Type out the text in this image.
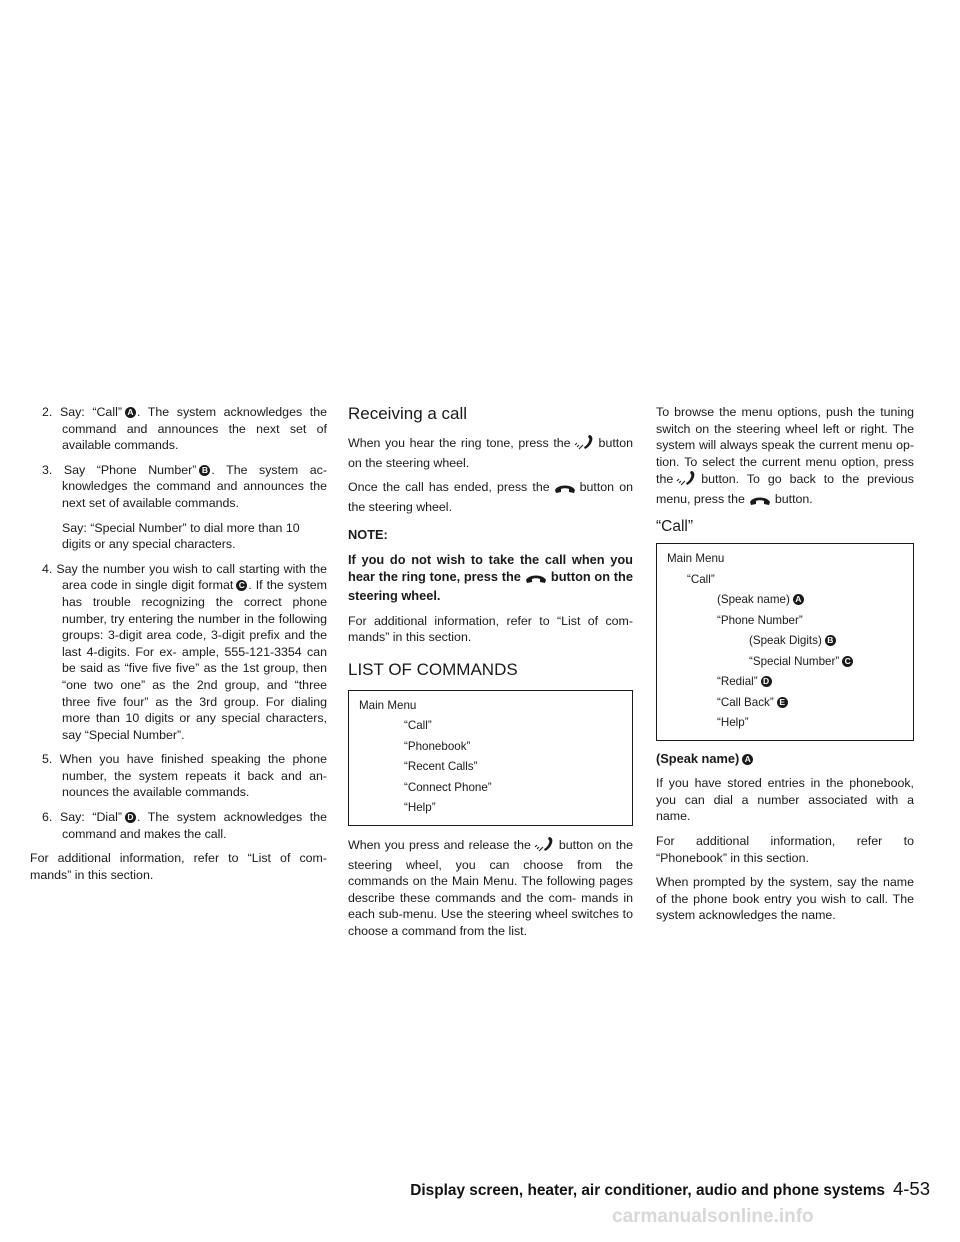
2. Say: “Call” A . The system acknowledges the command and announces the next set of available commands.
3. Say “Phone Number” B . The system ac- knowledges the command and announces the next set of available commands.
Say: “Special Number” to dial more than 10 digits or any special characters.
4. Say the number you wish to call starting with the area code in single digit format C . If the system has trouble recognizing the correct phone number, try entering the number in the following groups: 3-digit area code, 3-digit prefix and the last 4-digits. For ex- ample, 555-121-3354 can be said as “five five five” as the 1st group, then “one two one” as the 2nd group, and “three three five four” as the 3rd group. For dialing more than 10 digits or any special characters, say “Special Number”.
5. When you have finished speaking the phone number, the system repeats it back and an- nounces the available commands.
6. Say: “Dial” D . The system acknowledges the command and makes the call.

For additional information, refer to “List of com- mands” in this section.

Receiving a call

When you hear the ring tone, press the button on the steering wheel.

Once the call has ended, press the button on the steering wheel.

NOTE:

If you do not wish to take the call when you hear the ring tone, press the button on the steering wheel.

For additional information, refer to “List of com- mands” in this section.

LIST OF COMMANDS
Main Menu
“Call”
“Phonebook”
“Recent Calls”
“Connect Phone”
“Help”

When you press and release the button on the steering wheel, you can choose from the commands on the Main Menu. The following pages describe these commands and the com- mands in each sub-menu. Use the steering wheel switches to choose a command from the list.

To browse the menu options, push the tuning switch on the steering wheel left or right. The system will always speak the current menu op- tion. To select the current menu option, press the button. To go back to the previous menu, press the button.

“Call”
Main Menu
“Call”
(Speak name) A
“Phone Number”
(Speak Digits) B
“Special Number” C
“Redial” D
“Call Back” E
“Help”

(Speak name) A

If you have stored entries in the phonebook, you can dial a number associated with a name.

For additional information, refer to “Phonebook” in this section.

When prompted by the system, say the name of the phone book entry you wish to call. The system acknowledges the name.

Display screen, heater, air conditioner, audio and phone systems 4-53
carmanualsonline.info
